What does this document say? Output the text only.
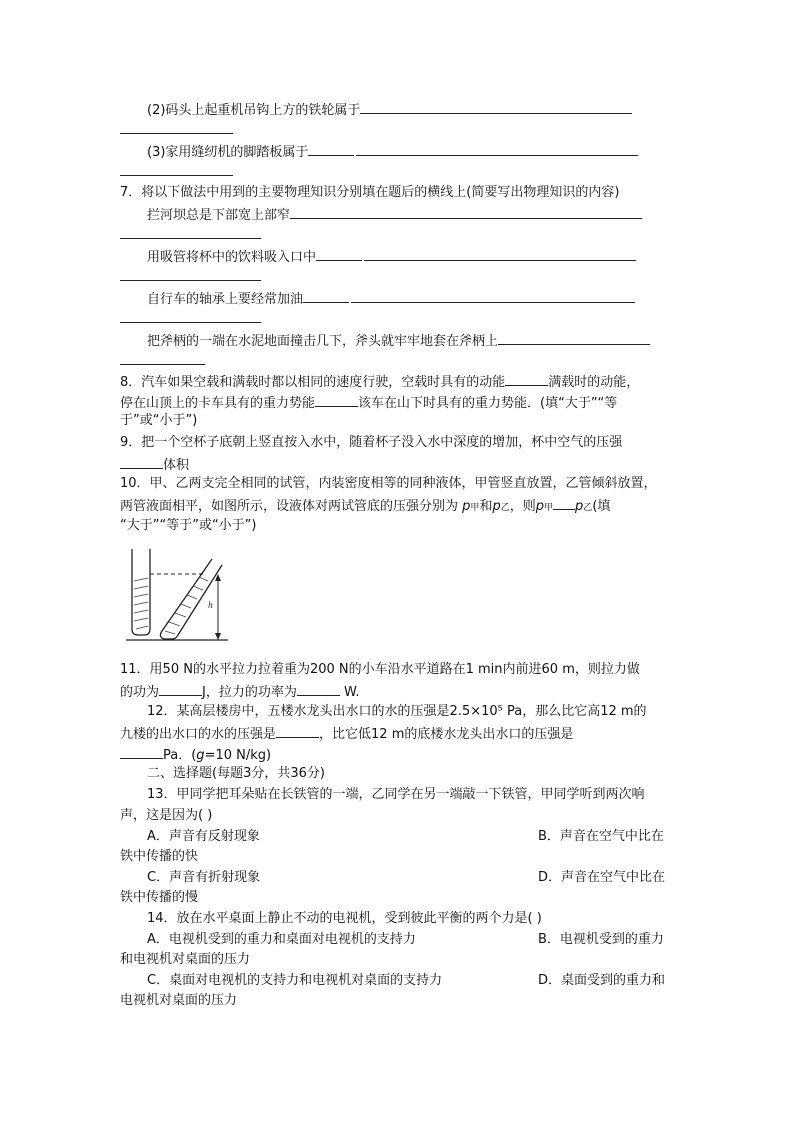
(2)码头上起重机吊钩上方的铁轮属于
(3)家用缝纫机的脚踏板属于
7．将以下做法中用到的主要物理知识分别填在题后的横线上(简要写出物理知识的内容)
拦河坝总是下部宽上部窄
用吸管将杯中的饮料吸入口中
自行车的轴承上要经常加油
把斧柄的一端在水泥地面撞击几下，斧头就牢牢地套在斧柄上
8．汽车如果空载和满载时都以相同的速度行驶，空载时具有的动能	满载时的动能，
停在山顶上的卡车具有的重力势能	该车在山下时具有的重力势能．(填“大于”“等
于”或“小于”)
9．把一个空杯子底朝上竖直按入水中，随着杯子没入水中深度的增加，杯中空气的压强
体积
10．甲、乙两支完全相同的试管，内装密度相等的同种液体，甲管竖直放置，乙管倾斜放置，
两管液面相平，如图所示，设液体对两试管底的压强分别为 p甲和p乙，则p甲 p乙(填
“大于”“等于”或“小于”)
h
11．用50 N的水平拉力拉着重为200 N的小车沿水平道路在1 min内前进60 m，则拉力做
的功为	J，拉力的功率为	W.
12．某高层楼房中，五楼水龙头出水口的水的压强是2.5×10⁵ Pa，那么比它高12 m的
九楼的出水口的水的压强是	，比它低12 m的底楼水龙头出水口的压强是
Pa．(g=10 N/kg)
二、选择题(每题3分，共36分)
13．甲同学把耳朵贴在长铁管的一端，乙同学在另一端敲一下铁管，甲同学听到两次响
声，这是因为( )
A．声音有反射现象	B．声音在空气中比在
铁中传播的快
C．声音有折射现象	D．声音在空气中比在
铁中传播的慢
14．放在水平桌面上静止不动的电视机，受到彼此平衡的两个力是( )
A．电视机受到的重力和桌面对电视机的支持力	B．电视机受到的重力
和电视机对桌面的压力
C．桌面对电视机的支持力和电视机对桌面的支持力	D．桌面受到的重力和
电视机对桌面的压力
